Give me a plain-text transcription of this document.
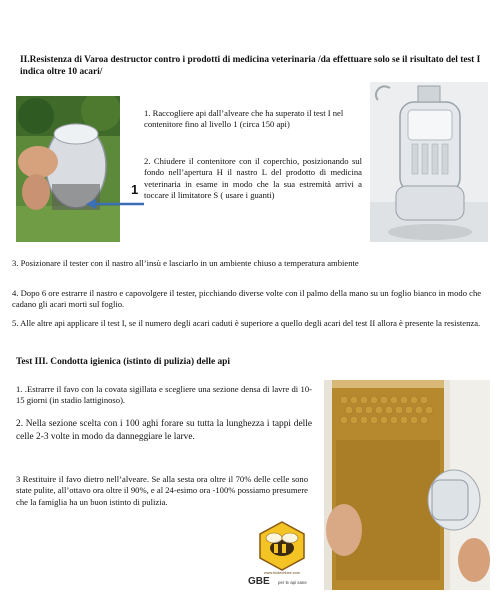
II.Resistenza di Varoa destructor contro i prodotti di medicina veterinaria /da effettuare solo se il risultato del test I indica oltre 10 acari/
1

1. Raccogliere api dall’alveare che ha superato il test I nel contenitore fino al livello 1 (circa 150 api)

2. Chiudere il contenitore con il coperchio, posizionando sul fondo nell’apertura H il nastro L del prodotto di medicina veterinaria in esame in modo che la sua estremità arrivi a toccare il limitatore S ( usare i guanti)

3. Posizionare il tester con il nastro all’insù e lasciarlo in un ambiente chiuso a temperatura ambiente

4. Dopo 6 ore estrarre il nastro e capovolgere il tester, picchiando diverse volte con il palmo della mano su un foglio bianco in modo che cadano gli acari morti sul foglio.

5. Alle altre api applicare il test I, se il numero degli acari caduti è superiore a quello degli acari del test II allora è presente la resistenza.

Test III. Condotta igienica (istinto di pulizia) delle api

1. .Estrarre il favo con la covata sigillata e scegliere una sezione densa di lavre di 10-15 giorni (in stadio lattiginoso).

2. Nella sezione scelta con i 100 aghi forare su tutta la lunghezza i tappi delle celle 2-3 volte in modo da danneggiare le larve.

3 Restituire il favo dietro nell’alveare. Se alla sesta ora oltre il 70% delle celle sono state pulite, all’ottavo ora oltre il 90%, e al 24-esimo ora -100% possiamo presumere che la famiglia ha un buon istinto di pulizia.

www.biotechbee.com
GBE per le api sane
